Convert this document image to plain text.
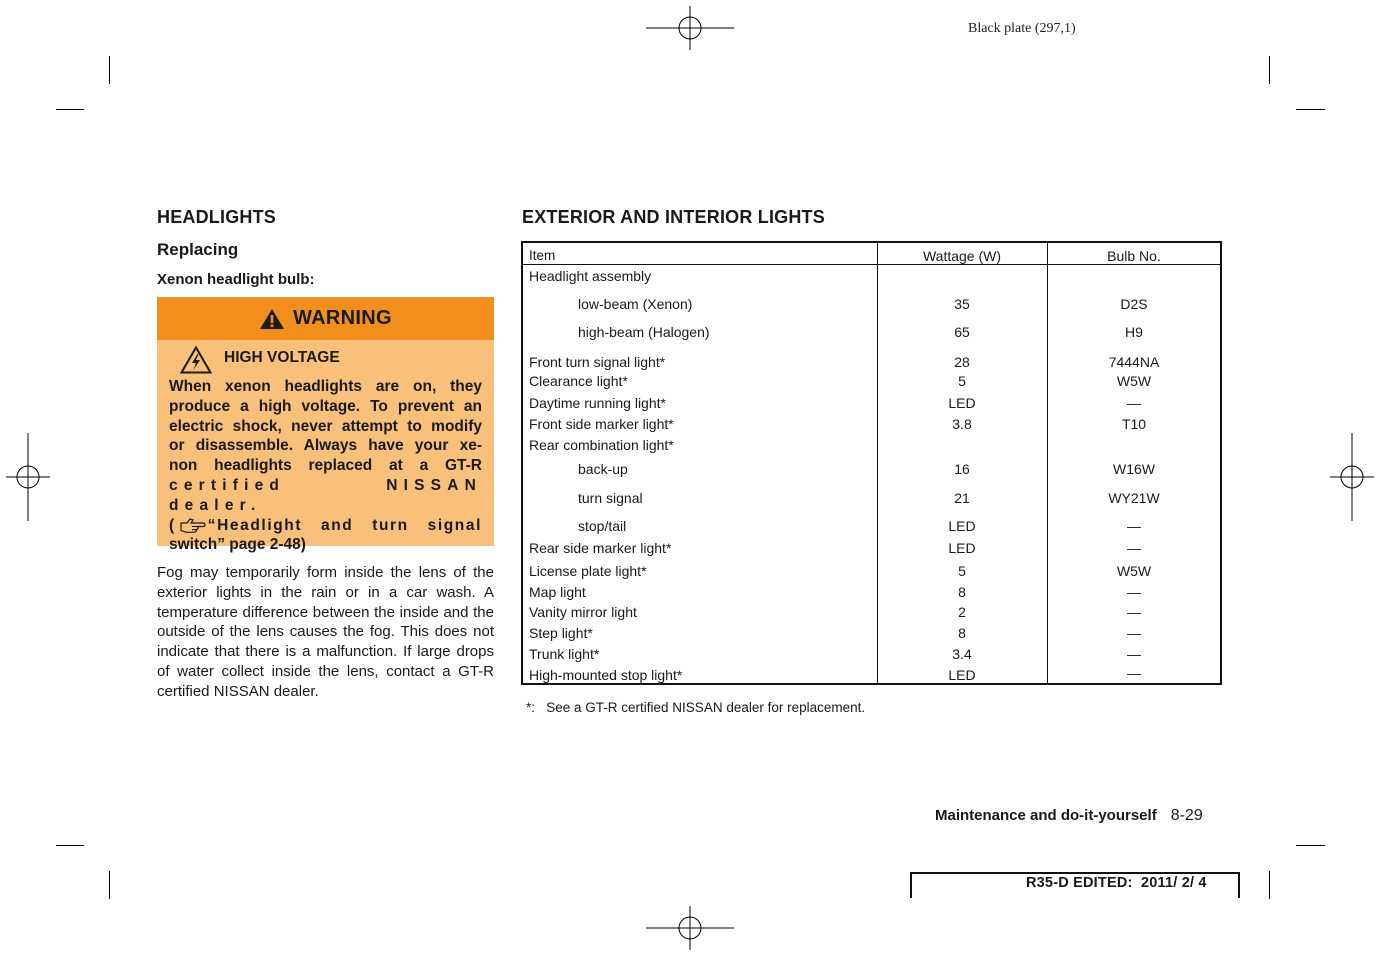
Black plate (297,1)
HEADLIGHTS
Replacing
Xenon headlight bulb:
WARNING
HIGH VOLTAGE
When xenon headlights are on, they
produce a high voltage. To prevent an
electric shock, never attempt to modify
or disassemble. Always have your xe-
non headlights replaced at a GT-R
certified NISSAN dealer.
( “Headlight and turn signal
switch” page 2-48)
Fog may temporarily form inside the lens of the exterior lights in the rain or in a car wash. A temperature difference between the inside and the outside of the lens causes the fog. This does not indicate that there is a malfunction. If large drops of water collect inside the lens, contact a GT-R certified NISSAN dealer.
EXTERIOR AND INTERIOR LIGHTS
Item	Wattage (W)	Bulb No.
Headlight assembly
low-beam (Xenon)	35	D2S
high-beam (Halogen)	65	H9
Front turn signal light*	28	7444NA
Clearance light*	5	W5W
Daytime running light*	LED	—
Front side marker light*	3.8	T10
Rear combination light*
back-up	16	W16W
turn signal	21	WY21W
stop/tail	LED	—
Rear side marker light*	LED	—
License plate light*	5	W5W
Map light	8	—
Vanity mirror light	2	—
Step light*	8	—
Trunk light*	3.4	—
High-mounted stop light*	LED	—
*:   See a GT-R certified NISSAN dealer for replacement.
Maintenance and do-it-yourself 8-29
R35-D EDITED:  2011/ 2/ 4
